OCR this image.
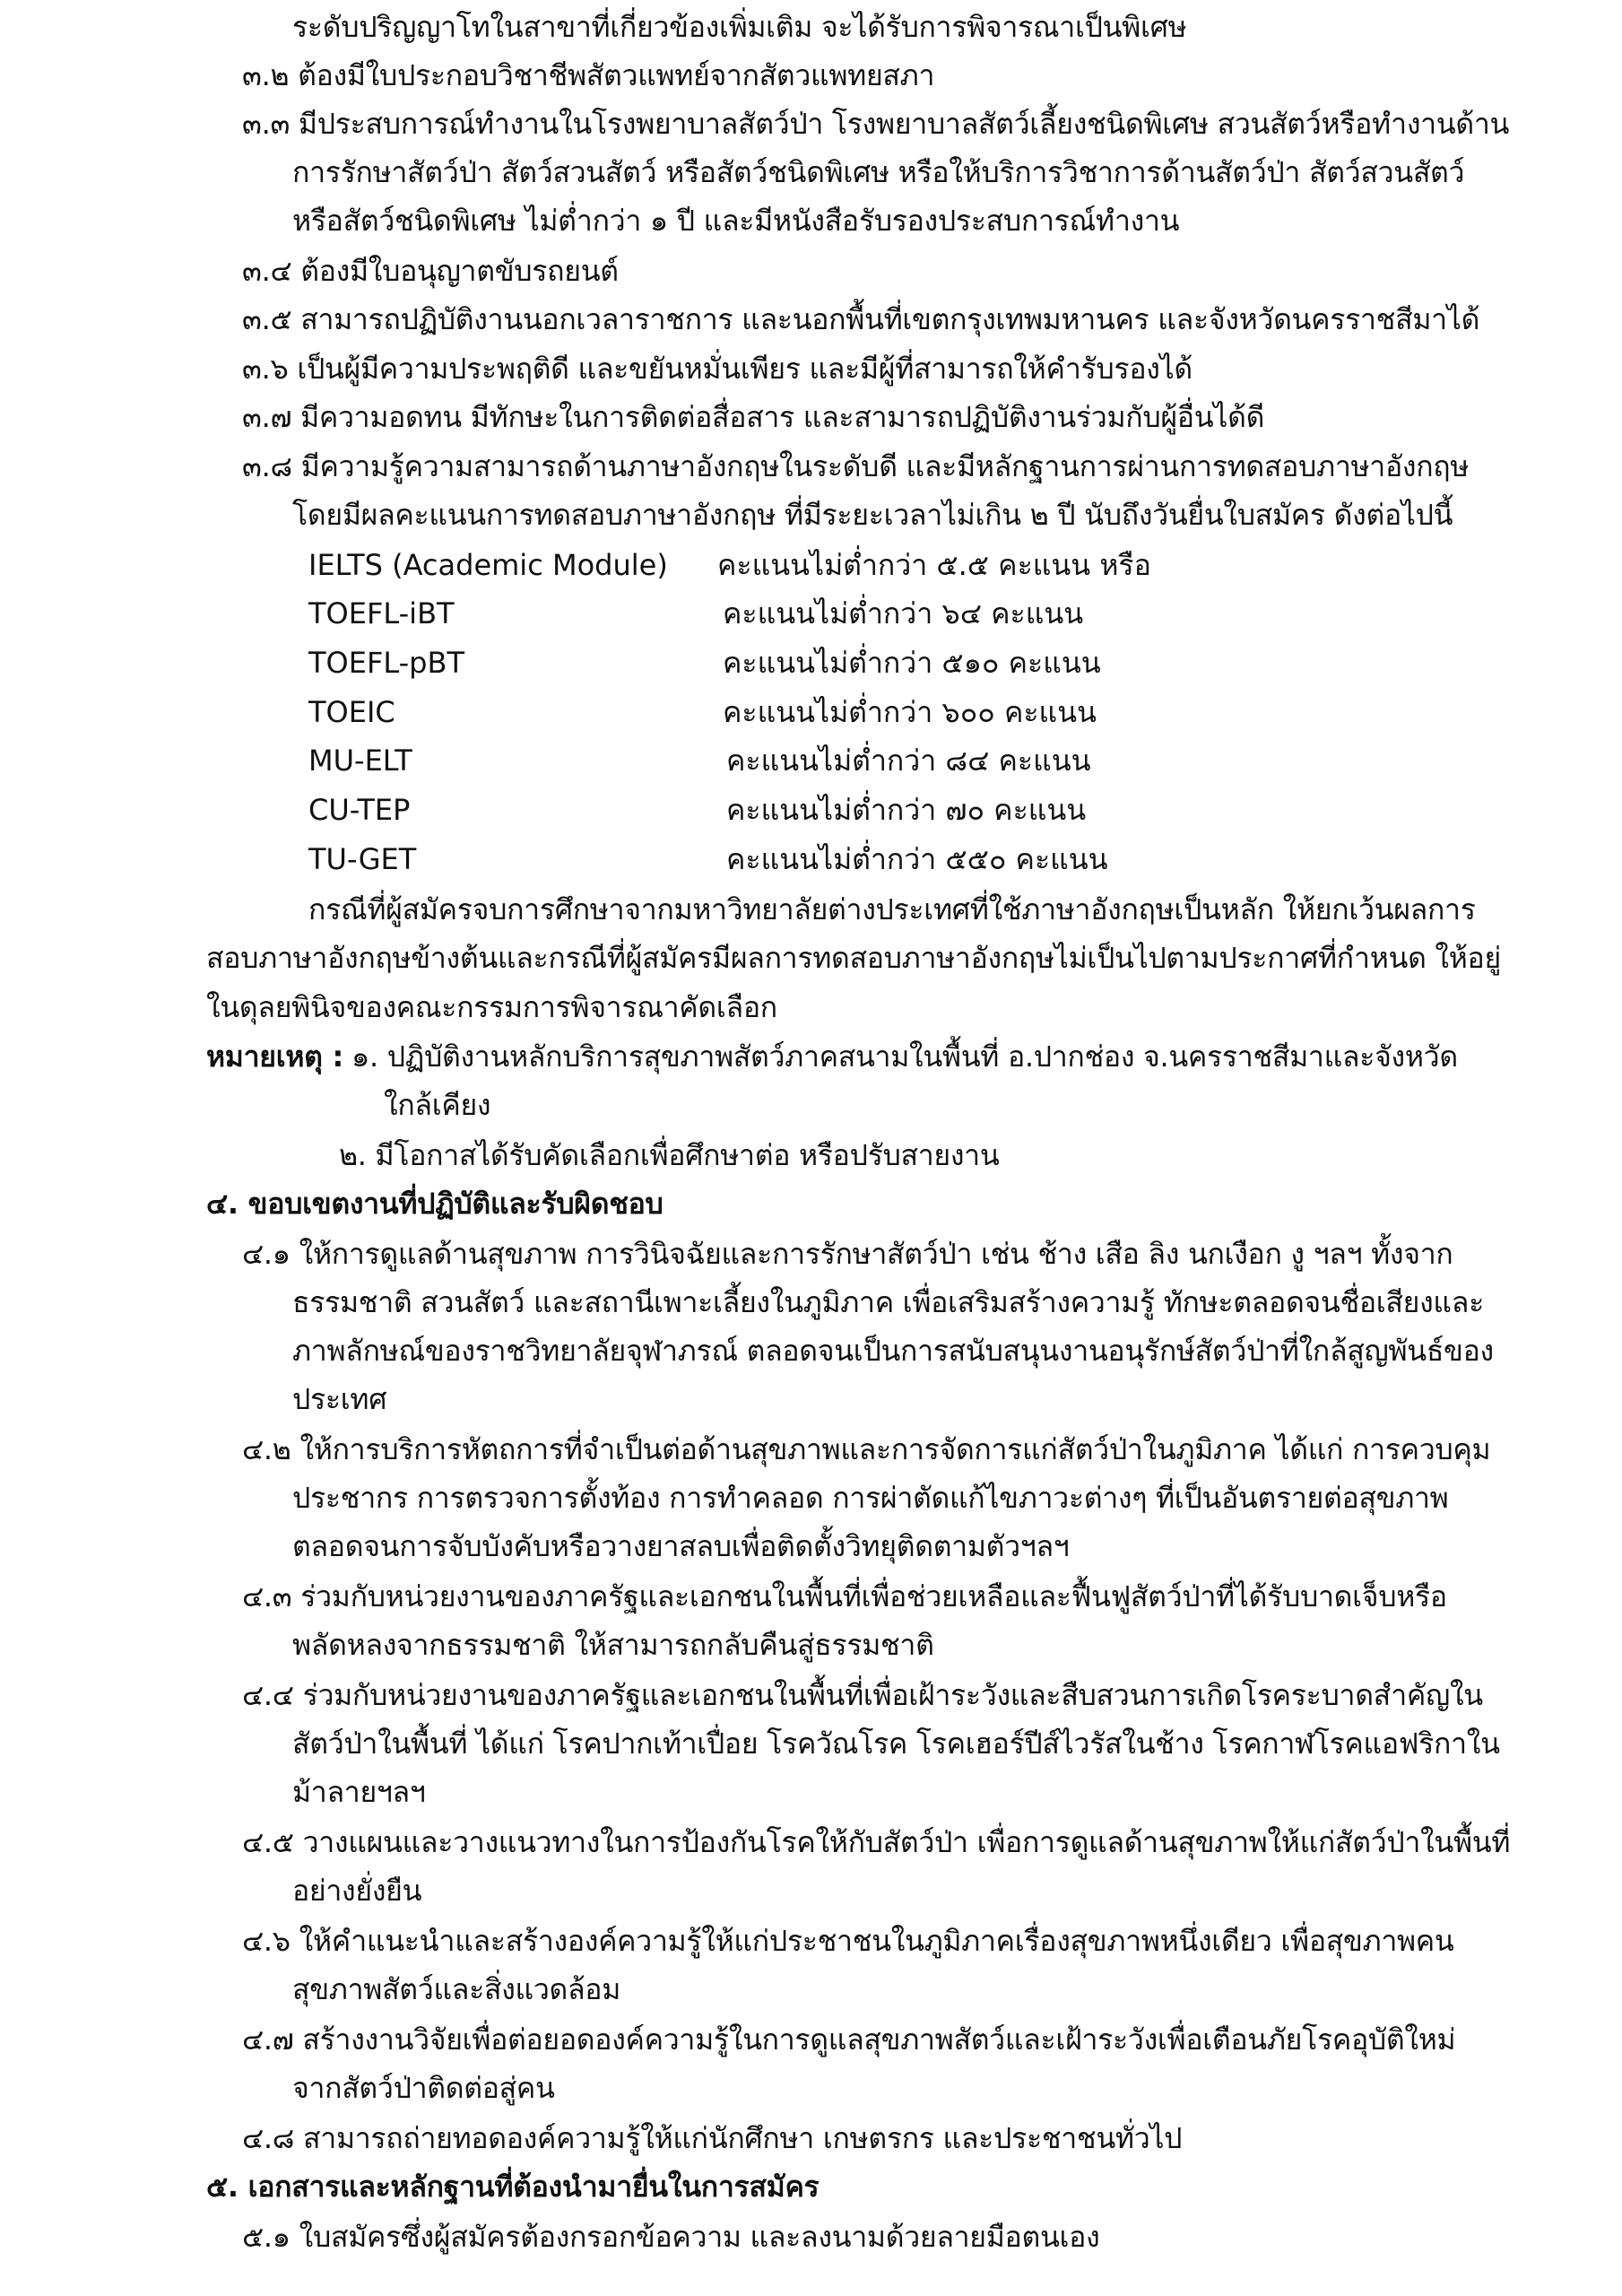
ระดับปริญญาโทในสาขาที่เกี่ยวข้องเพิ่มเติม จะได้รับการพิจารณาเป็นพิเศษ
๓.๒ ต้องมีใบประกอบวิชาชีพสัตวแพทย์จากสัตวแพทยสภา
๓.๓ มีประสบการณ์ทำงานในโรงพยาบาลสัตว์ป่า โรงพยาบาลสัตว์เลี้ยงชนิดพิเศษ สวนสัตว์หรือทำงานด้าน
การรักษาสัตว์ป่า สัตว์สวนสัตว์ หรือสัตว์ชนิดพิเศษ หรือให้บริการวิชาการด้านสัตว์ป่า สัตว์สวนสัตว์
หรือสัตว์ชนิดพิเศษ ไม่ต่ำกว่า ๑ ปี และมีหนังสือรับรองประสบการณ์ทำงาน
๓.๔ ต้องมีใบอนุญาตขับรถยนต์
๓.๕ สามารถปฏิบัติงานนอกเวลาราชการ และนอกพื้นที่เขตกรุงเทพมหานคร และจังหวัดนครราชสีมาได้
๓.๖ เป็นผู้มีความประพฤติดี และขยันหมั่นเพียร และมีผู้ที่สามารถให้คำรับรองได้
๓.๗ มีความอดทน มีทักษะในการติดต่อสื่อสาร และสามารถปฏิบัติงานร่วมกับผู้อื่นได้ดี
๓.๘ มีความรู้ความสามารถด้านภาษาอังกฤษในระดับดี และมีหลักฐานการผ่านการทดสอบภาษาอังกฤษ
โดยมีผลคะแนนการทดสอบภาษาอังกฤษ ที่มีระยะเวลาไม่เกิน ๒ ปี นับถึงวันยื่นใบสมัคร ดังต่อไปนี้
IELTS (Academic Module) คะแนนไม่ต่ำกว่า ๕.๕ คะแนน หรือ
TOEFL-iBT	คะแนนไม่ต่ำกว่า ๖๔ คะแนน
TOEFL-pBT	คะแนนไม่ต่ำกว่า ๕๑๐ คะแนน
TOEIC	คะแนนไม่ต่ำกว่า ๖๐๐ คะแนน
MU-ELT	คะแนนไม่ต่ำกว่า ๘๔ คะแนน
CU-TEP	คะแนนไม่ต่ำกว่า ๗๐ คะแนน
TU-GET	คะแนนไม่ต่ำกว่า ๕๕๐ คะแนน
กรณีที่ผู้สมัครจบการศึกษาจากมหาวิทยาลัยต่างประเทศที่ใช้ภาษาอังกฤษเป็นหลัก ให้ยกเว้นผลการ
สอบภาษาอังกฤษข้างต้นและกรณีที่ผู้สมัครมีผลการทดสอบภาษาอังกฤษไม่เป็นไปตามประกาศที่กำหนด ให้อยู่
ในดุลยพินิจของคณะกรรมการพิจารณาคัดเลือก
หมายเหตุ : ๑. ปฏิบัติงานหลักบริการสุขภาพสัตว์ภาคสนามในพื้นที่ อ.ปากช่อง จ.นครราชสีมาและจังหวัด
ใกล้เคียง
๒. มีโอกาสได้รับคัดเลือกเพื่อศึกษาต่อ หรือปรับสายงาน
๔. ขอบเขตงานที่ปฏิบัติและรับผิดชอบ
๔.๑ ให้การดูแลด้านสุขภาพ การวินิจฉัยและการรักษาสัตว์ป่า เช่น ช้าง เสือ ลิง นกเงือก งู ฯลฯ ทั้งจาก
ธรรมชาติ สวนสัตว์ และสถานีเพาะเลี้ยงในภูมิภาค เพื่อเสริมสร้างความรู้ ทักษะตลอดจนชื่อเสียงและ
ภาพลักษณ์ของราชวิทยาลัยจุฬาภรณ์ ตลอดจนเป็นการสนับสนุนงานอนุรักษ์สัตว์ป่าที่ใกล้สูญพันธ์ของ
ประเทศ
๔.๒ ให้การบริการหัตถการที่จำเป็นต่อด้านสุขภาพและการจัดการแก่สัตว์ป่าในภูมิภาค ได้แก่ การควบคุม
ประชากร การตรวจการตั้งท้อง การทำคลอด การผ่าตัดแก้ไขภาวะต่างๆ ที่เป็นอันตรายต่อสุขภาพ
ตลอดจนการจับบังคับหรือวางยาสลบเพื่อติดตั้งวิทยุติดตามตัวฯลฯ
๔.๓ ร่วมกับหน่วยงานของภาครัฐและเอกชนในพื้นที่เพื่อช่วยเหลือและฟื้นฟูสัตว์ป่าที่ได้รับบาดเจ็บหรือ
พลัดหลงจากธรรมชาติ ให้สามารถกลับคืนสู่ธรรมชาติ
๔.๔ ร่วมกับหน่วยงานของภาครัฐและเอกชนในพื้นที่เพื่อเฝ้าระวังและสืบสวนการเกิดโรคระบาดสำคัญใน
สัตว์ป่าในพื้นที่ ได้แก่ โรคปากเท้าเปื่อย โรควัณโรค โรคเฮอร์ปีส์ไวรัสในช้าง โรคกาฬโรคแอฟริกาใน
ม้าลายฯลฯ
๔.๕ วางแผนและวางแนวทางในการป้องกันโรคให้กับสัตว์ป่า เพื่อการดูแลด้านสุขภาพให้แก่สัตว์ป่าในพื้นที่
อย่างยั่งยืน
๔.๖ ให้คำแนะนำและสร้างองค์ความรู้ให้แก่ประชาชนในภูมิภาคเรื่องสุขภาพหนึ่งเดียว เพื่อสุขภาพคน
สุขภาพสัตว์และสิ่งแวดล้อม
๔.๗ สร้างงานวิจัยเพื่อต่อยอดองค์ความรู้ในการดูแลสุขภาพสัตว์และเฝ้าระวังเพื่อเตือนภัยโรคอุบัติใหม่
จากสัตว์ป่าติดต่อสู่คน
๔.๘ สามารถถ่ายทอดองค์ความรู้ให้แก่นักศึกษา เกษตรกร และประชาชนทั่วไป
๕. เอกสารและหลักฐานที่ต้องนำมายื่นในการสมัคร
๕.๑ ใบสมัครซึ่งผู้สมัครต้องกรอกข้อความ และลงนามด้วยลายมือตนเอง
